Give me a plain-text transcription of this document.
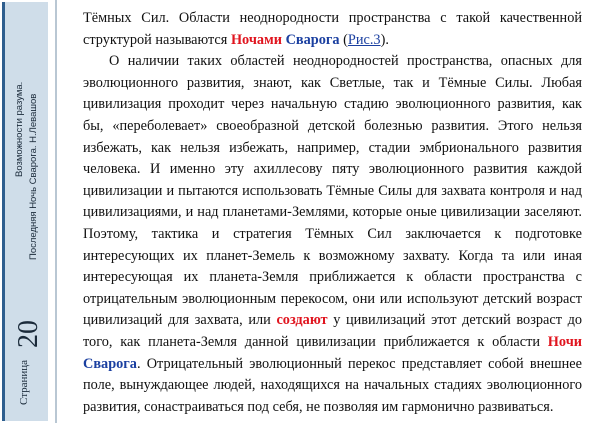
Возможности разума. Последняя Ночь Сварога. Н.Левашов
20
Страница

Тёмных Сил. Области неоднородности пространства с такой качественной структурой называются Ночами Сварога (Рис.3).

О наличии таких областей неоднородностей пространства, опасных для эволюционного развития, знают, как Светлые, так и Тёмные Силы. Любая цивилизация проходит через начальную стадию эволюционного развития, как бы, «переболевает» своеобразной детской болезнью развития. Этого нельзя избежать, как нельзя избежать, например, стадии эмбрионального развития человека. И именно эту ахиллесову пяту эволюционного развития каждой цивилизации и пытаются использовать Тёмные Силы для захвата контроля и над цивилизациями, и над планетами-Землями, которые оные цивилизации заселяют. Поэтому, тактика и стратегия Тёмных Сил заключается к подготовке интересующих их планет-Земель к возможному захвату. Когда та или иная интересующая их планета-Земля приближается к области пространства с отрицательным эволюционным перекосом, они или используют детский возраст цивилизаций для захвата, или создают у цивилизаций этот детский возраст до того, как планета-Земля данной цивилизации приближается к области Ночи Сварога. Отрицательный эволюционный перекос представляет собой внешнее поле, вынуждающее людей, находящихся на начальных стадиях эволюционного развития, сонастраиваться под себя, не позволяя им гармонично развиваться.
